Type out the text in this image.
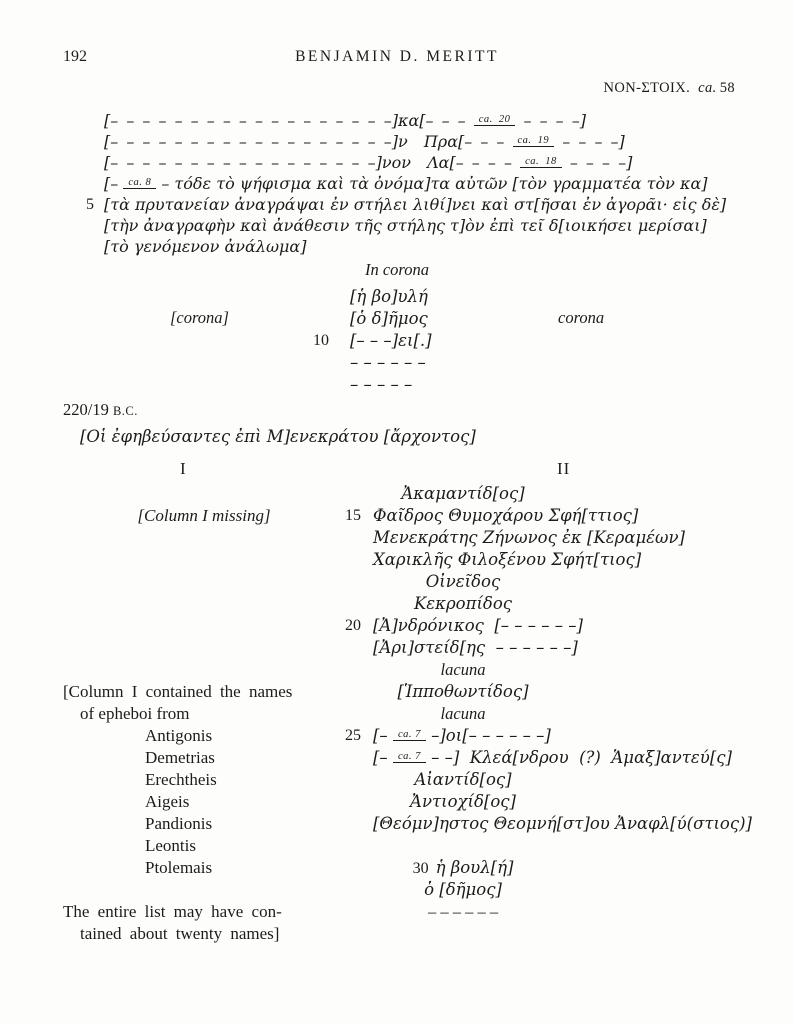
192	BENJAMIN D. MERITT
NON-ΣΤΟΙΧ. ca. 58
[– – – – – – – – – – – – – – – – – –]κα[– – – $^{ca. 20}$ – – – –]
[– – – – – – – – – – – – – – – – – –]ν  Πρα[– – – $^{ca. 19}$ – – – –]
[– – – – – – – – – – – – – – – – –]νον  Λα[– – – – $^{ca. 18}$ – – – –]
[– $^{ca. 8}$ – τόδε τὸ ψήφισμα καὶ τὰ ὀνόμα]τα αὐτῶν [τὸν γραμματέα τὸν κα]
5 [τὰ πρυτανείαν ἀναγράψαι ἐν στήλει λιθί]νει καὶ στ[ῆσαι ἐν ἀγορᾶι· εἰς δὲ]
[τὴν ἀναγραφὴν καὶ ἀνάθεσιν τῆς στήλης τ]ὸν ἐπὶ τεῖ δ[ιοικήσει μερίσαι]
[τὸ γενόμενον ἀνάλωμα]
In corona
[corona]	corona
[ἡ βο]υλή
[ὁ δ]ῆμος
10 [– – –]ει[.]
– – – – – –
– – – – –
220/19 B.C.
[Οἱ ἐφηβεύσαντες ἐπὶ Μ]ενεκράτου [ἄρχοντος]
I	II
Ἀκαμαντίδ[ος]
[Column I missing]	15 Φαῖδρος Θυμοχάρου Σφή[ττιος]
Μενεκράτης Ζήνωνος ἐκ [Κεραμέων]
Χαρικλῆς Φιλοξένου Σφήτ[τιος]
Οἰνεῖδος
Κεκροπίδος
20 [Ἀ]νδρόνικος  [– – – – – –]
[Ἀρι]στείδ[ης  – – – – – –]
lacuna
[Column I contained the names	[Ἱπποθωντίδος]
of epheboi from	lacuna
Antigonis	25 [– $^{ca. 7}$ –]οι[– – – – – –]
Demetrias	[– $^{ca. 7}$ – –]  Κλεά[νδρου  (?)  Ἁμαξ]αντεύ[ς]
Erechtheis	Αἰαντίδ[ος]
Aigeis	Ἀντιοχίδ[ος]
Pandionis	[Θεόμν]ηστος Θεομνή[στ]ου Ἀναφλ[ύ(στιος)]
Leontis
Ptolemais	30 ἡ βουλ[ή]
ὁ [δῆμος]
The entire list may have con-	– – – – – –
tained about twenty names]
